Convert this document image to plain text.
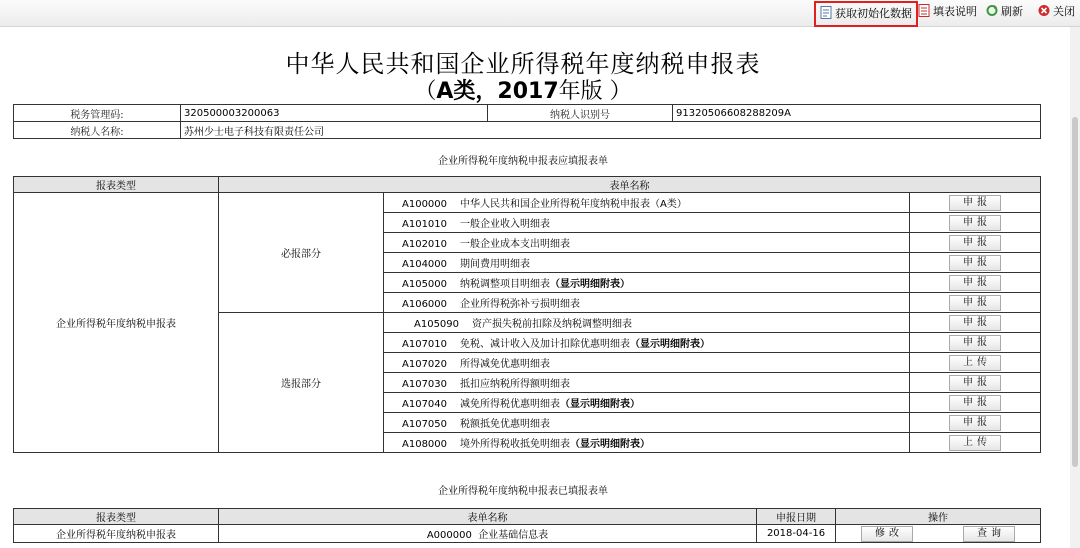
获取初始化数据	填表说明	刷新	关闭
中华人民共和国企业所得税年度纳税申报表
（A类，2017年版 ）
税务管理码:	320500003200063	纳税人识别号	91320506608288209A
纳税人名称:	苏州少士电子科技有限责任公司		
企业所得税年度纳税申报表应填报表单
报表类型	表单名称		
企业所得税年度纳税申报表	必报部分	A100000 中华人民共和国企业所得税年度纳税申报表（A类）	申报
		A101010 一般企业收入明细表	申报
		A102010 一般企业成本支出明细表	申报
		A104000 期间费用明细表	申报
		A105000 纳税调整项目明细表（显示明细附表）	申报
		A106000 企业所得税弥补亏损明细表	申报
	选报部分	A105090 资产损失税前扣除及纳税调整明细表	申报
		A107010 免税、减计收入及加计扣除优惠明细表（显示明细附表）	申报
		A107020 所得减免优惠明细表	上传
		A107030 抵扣应纳税所得额明细表	申报
		A107040 减免所得税优惠明细表（显示明细附表）	申报
		A107050 税额抵免优惠明细表	申报
		A108000 境外所得税收抵免明细表（显示明细附表）	上传
企业所得税年度纳税申报表已填报表单
报表类型	表单名称	申报日期	操作	
企业所得税年度纳税申报表	A000000 企业基础信息表	2018-04-16	修改	查询
